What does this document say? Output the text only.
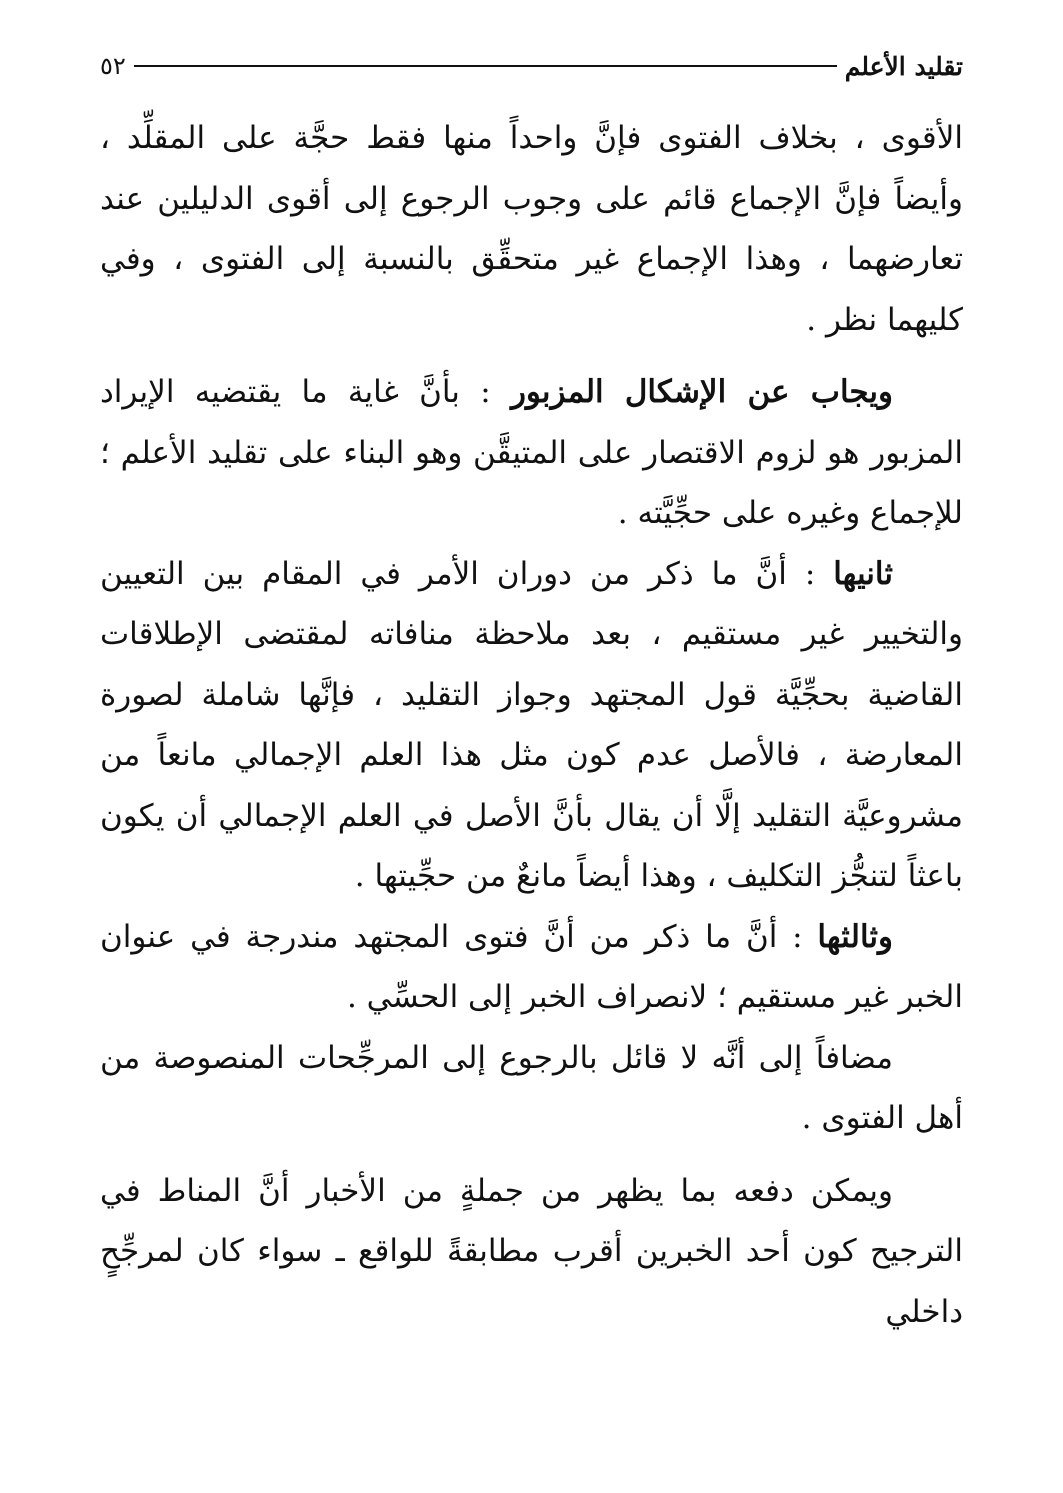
تقليد الأعلم
٥٢

الأقوى ، بخلاف الفتوى فإنَّ واحداً منها فقط حجَّة على المقلِّد ، وأيضاً فإنَّ الإجماع قائم على وجوب الرجوع إلى أقوى الدليلين عند تعارضهما ، وهذا الإجماع غير متحقِّق بالنسبة إلى الفتوى ، وفي كليهما نظر .

ويجاب عن الإشكال المزبور : بأنَّ غاية ما يقتضيه الإيراد المزبور هو لزوم الاقتصار على المتيقَّن وهو البناء على تقليد الأعلم ؛ للإجماع وغيره على حجِّيَّته .

ثانيها : أنَّ ما ذكر من دوران الأمر في المقام بين التعيين والتخيير غير مستقيم ، بعد ملاحظة منافاته لمقتضى الإطلاقات القاضية بحجِّيَّة قول المجتهد وجواز التقليد ، فإنَّها شاملة لصورة المعارضة ، فالأصل عدم كون مثل هذا العلم الإجمالي مانعاً من مشروعيَّة التقليد إلَّا أن يقال بأنَّ الأصل في العلم الإجمالي أن يكون باعثاً لتنجُّز التكليف ، وهذا أيضاً مانعٌ من حجِّيتها .

وثالثها : أنَّ ما ذكر من أنَّ فتوى المجتهد مندرجة في عنوان الخبر غير مستقيم ؛ لانصراف الخبر إلى الحسِّي .

مضافاً إلى أنَّه لا قائل بالرجوع إلى المرجِّحات المنصوصة من أهل الفتوى .

ويمكن دفعه بما يظهر من جملةٍ من الأخبار أنَّ المناط في الترجيح كون أحد الخبرين أقرب مطابقةً للواقع ـ سواء كان لمرجِّحٍ داخلي
